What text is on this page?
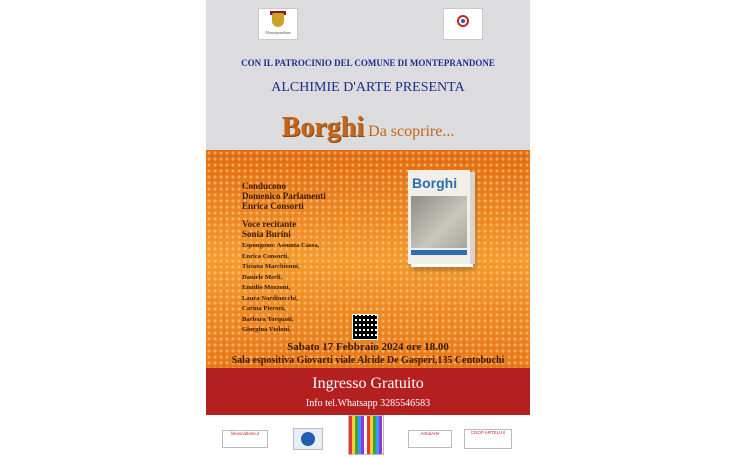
Monteprandone
CON IL PATROCINIO DEL COMUNE DI MONTEPRANDONE
ALCHIMIE D'ARTE PRESENTA
Borghi Da scoprire...
Conducono
Domenico Parlamenti
Enrica Consorti
Voce recitante
Sonia Burini
Espongono: Assunta Cassa,
Enrica Consorti,
Tiziana Marchionni,
Daniele Merli,
Emidio Mozzoni,
Laura Nardinocchi,
Carina Pieroni,
Barbara Torquati,
Giorgina Violoni.
Borghi
Sabato 17 Febbraio 2024 ore 18.00
Sala espositiva Giovarti viale Alcide De Gasperi,135 Centobuchi
Ingresso Gratuito
Info tel.Whatsapp 3285546583
limoscaltone.it	ArtedArte	COOP ARTELUX
